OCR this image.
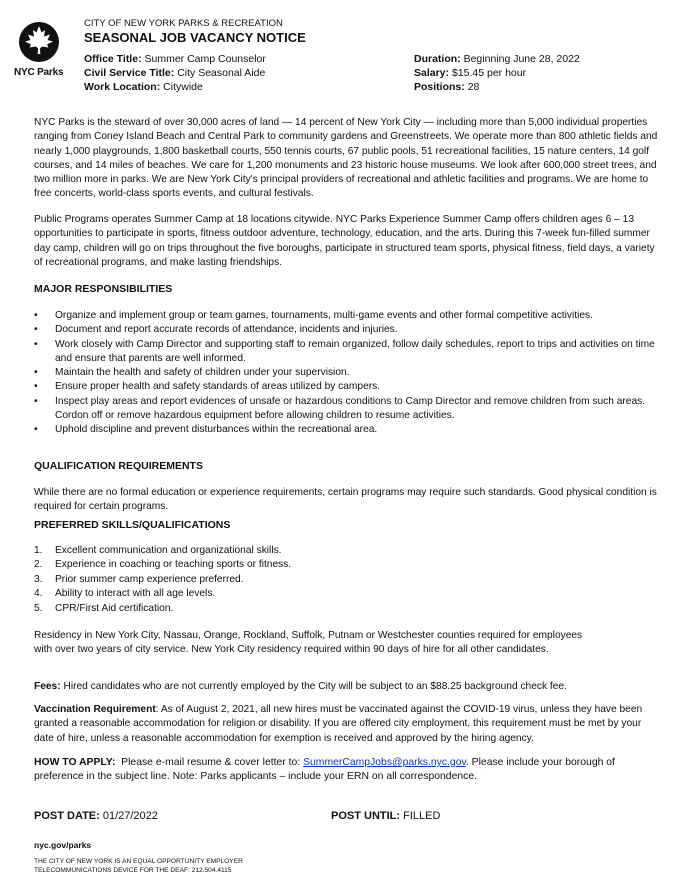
NYC Parks
CITY OF NEW YORK PARKS & RECREATION
SEASONAL JOB VACANCY NOTICE
Office Title: Summer Camp Counselor
Civil Service Title: City Seasonal Aide
Work Location: Citywide
Duration: Beginning June 28, 2022
Salary: $15.45 per hour
Positions: 28
NYC Parks is the steward of over 30,000 acres of land — 14 percent of New York City — including more than 5,000 individual properties ranging from Coney Island Beach and Central Park to community gardens and Greenstreets. We operate more than 800 athletic fields and nearly 1,000 playgrounds, 1,800 basketball courts, 550 tennis courts, 67 public pools, 51 recreational facilities, 15 nature centers, 14 golf courses, and 14 miles of beaches. We care for 1,200 monuments and 23 historic house museums. We look after 600,000 street trees, and two million more in parks. We are New York City's principal providers of recreational and athletic facilities and programs. We are home to free concerts, world-class sports events, and cultural festivals.
Public Programs operates Summer Camp at 18 locations citywide. NYC Parks Experience Summer Camp offers children ages 6 – 13 opportunities to participate in sports, fitness outdoor adventure, technology, education, and the arts. During this 7-week fun-filled summer day camp, children will go on trips throughout the five boroughs, participate in structured team sports, physical fitness, field days, a variety of recreational programs, and make lasting friendships.
MAJOR RESPONSIBILITIES
• Organize and implement group or team games, tournaments, multi-game events and other formal competitive activities.
• Document and report accurate records of attendance, incidents and injuries.
• Work closely with Camp Director and supporting staff to remain organized, follow daily schedules, report to trips and activities on time and ensure that parents are well informed.
• Maintain the health and safety of children under your supervision.
• Ensure proper health and safety standards of areas utilized by campers.
• Inspect play areas and report evidences of unsafe or hazardous conditions to Camp Director and remove children from such areas. Cordon off or remove hazardous equipment before allowing children to resume activities.
• Uphold discipline and prevent disturbances within the recreational area.
QUALIFICATION REQUIREMENTS
While there are no formal education or experience requirements, certain programs may require such standards. Good physical condition is required for certain programs.
PREFERRED SKILLS/QUALIFICATIONS
1. Excellent communication and organizational skills.
2. Experience in coaching or teaching sports or fitness.
3. Prior summer camp experience preferred.
4. Ability to interact with all age levels.
5. CPR/First Aid certification.
Residency in New York City, Nassau, Orange, Rockland, Suffolk, Putnam or Westchester counties required for employees with over two years of city service. New York City residency required within 90 days of hire for all other candidates.
Fees: Hired candidates who are not currently employed by the City will be subject to an $88.25 background check fee.
Vaccination Requirement: As of August 2, 2021, all new hires must be vaccinated against the COVID-19 virus, unless they have been granted a reasonable accommodation for religion or disability. If you are offered city employment, this requirement must be met by your date of hire, unless a reasonable accommodation for exemption is received and approved by the hiring agency.
HOW TO APPLY:  Please e-mail resume & cover letter to: SummerCampJobs@parks.nyc.gov. Please include your borough of preference in the subject line. Note: Parks applicants – include your ERN on all correspondence.
POST DATE: 01/27/2022	POST UNTIL: FILLED
nyc.gov/parks
THE CITY OF NEW YORK IS AN EQUAL OPPORTUNITY EMPLOYER
TELECOMMUNICATIONS DEVICE FOR THE DEAF: 212.504.4115
